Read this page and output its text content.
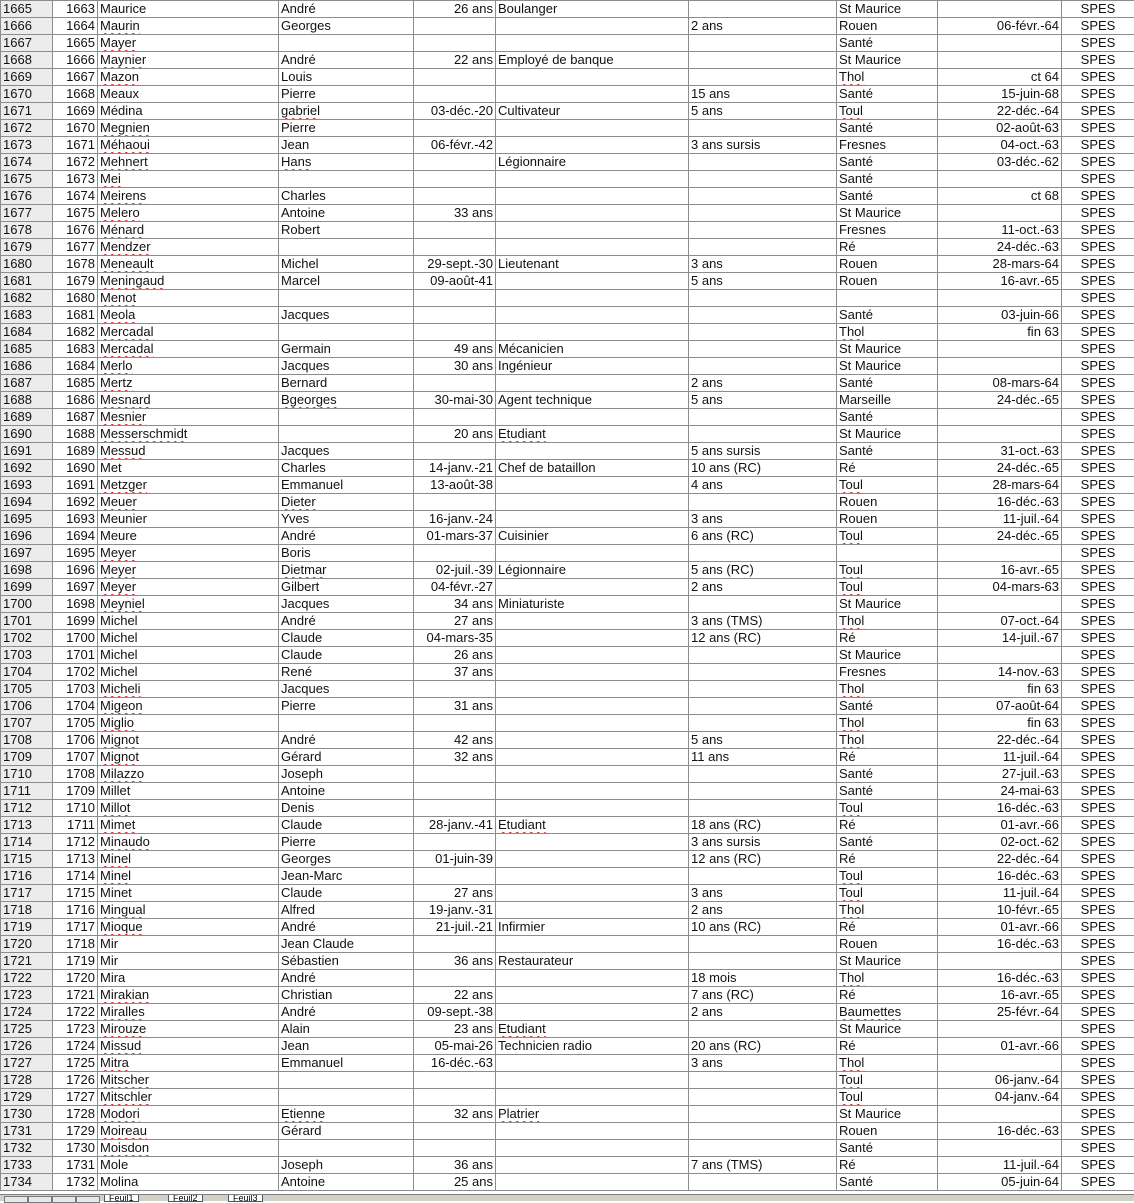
1665	1663	Maurice	André	26 ans	Boulanger		St Maurice		SPES
1666	1664	Maurin	Georges			2 ans	Rouen	06-févr.-64	SPES
1667	1665	Mayer					Santé		SPES
1668	1666	Maynier	André	22 ans	Employé de banque		St Maurice		SPES
1669	1667	Mazon	Louis				Thol	ct 64	SPES
1670	1668	Meaux	Pierre			15 ans	Santé	15-juin-68	SPES
1671	1669	Médina	gabriel	03-déc.-20	Cultivateur	5 ans	Toul	22-déc.-64	SPES
1672	1670	Megnien	Pierre				Santé	02-août-63	SPES
1673	1671	Méhaoui	Jean	06-févr.-42		3 ans sursis	Fresnes	04-oct.-63	SPES
1674	1672	Mehnert	Hans		Légionnaire		Santé	03-déc.-62	SPES
1675	1673	Mei					Santé		SPES
1676	1674	Meirens	Charles				Santé	ct 68	SPES
1677	1675	Melero	Antoine	33 ans			St Maurice		SPES
1678	1676	Ménard	Robert				Fresnes	11-oct.-63	SPES
1679	1677	Mendzer					Ré	24-déc.-63	SPES
1680	1678	Meneault	Michel	29-sept.-30	Lieutenant	3 ans	Rouen	28-mars-64	SPES
1681	1679	Meningaud	Marcel	09-août-41		5 ans	Rouen	16-avr.-65	SPES
1682	1680	Menot							SPES
1683	1681	Meola	Jacques				Santé	03-juin-66	SPES
1684	1682	Mercadal					Thol	fin 63	SPES
1685	1683	Mercadal	Germain	49 ans	Mécanicien		St Maurice		SPES
1686	1684	Merlo	Jacques	30 ans	Ingénieur		St Maurice		SPES
1687	1685	Mertz	Bernard			2 ans	Santé	08-mars-64	SPES
1688	1686	Mesnard	Bgeorges	30-mai-30	Agent technique	5 ans	Marseille	24-déc.-65	SPES
1689	1687	Mesnier					Santé		SPES
1690	1688	Messerschmidt		20 ans	Etudiant		St Maurice		SPES
1691	1689	Messud	Jacques			5 ans sursis	Santé	31-oct.-63	SPES
1692	1690	Met	Charles	14-janv.-21	Chef de bataillon	10 ans (RC)	Ré	24-déc.-65	SPES
1693	1691	Metzger	Emmanuel	13-août-38		4 ans	Toul	28-mars-64	SPES
1694	1692	Meuer	Dieter				Rouen	16-déc.-63	SPES
1695	1693	Meunier	Yves	16-janv.-24		3 ans	Rouen	11-juil.-64	SPES
1696	1694	Meure	André	01-mars-37	Cuisinier	6 ans (RC)	Toul	24-déc.-65	SPES
1697	1695	Meyer	Boris						SPES
1698	1696	Meyer	Dietmar	02-juil.-39	Légionnaire	5 ans (RC)	Toul	16-avr.-65	SPES
1699	1697	Meyer	Gilbert	04-févr.-27		2 ans	Toul	04-mars-63	SPES
1700	1698	Meyniel	Jacques	34 ans	Miniaturiste		St Maurice		SPES
1701	1699	Michel	André	27 ans		3 ans (TMS)	Thol	07-oct.-64	SPES
1702	1700	Michel	Claude	04-mars-35		12 ans (RC)	Ré	14-juil.-67	SPES
1703	1701	Michel	Claude	26 ans			St Maurice		SPES
1704	1702	Michel	René	37 ans			Fresnes	14-nov.-63	SPES
1705	1703	Micheli	Jacques				Thol	fin 63	SPES
1706	1704	Migeon	Pierre	31 ans			Santé	07-août-64	SPES
1707	1705	Miglio					Thol	fin 63	SPES
1708	1706	Mignot	André	42 ans		5 ans	Thol	22-déc.-64	SPES
1709	1707	Mignot	Gérard	32 ans		11 ans	Ré	11-juil.-64	SPES
1710	1708	Milazzo	Joseph				Santé	27-juil.-63	SPES
1711	1709	Millet	Antoine				Santé	24-mai-63	SPES
1712	1710	Millot	Denis				Toul	16-déc.-63	SPES
1713	1711	Mimet	Claude	28-janv.-41	Etudiant	18 ans (RC)	Ré	01-avr.-66	SPES
1714	1712	Minaudo	Pierre			3 ans sursis	Santé	02-oct.-62	SPES
1715	1713	Minel	Georges	01-juin-39		12 ans (RC)	Ré	22-déc.-64	SPES
1716	1714	Minel	Jean-Marc				Toul	16-déc.-63	SPES
1717	1715	Minet	Claude	27 ans		3 ans	Toul	11-juil.-64	SPES
1718	1716	Mingual	Alfred	19-janv.-31		2 ans	Thol	10-févr.-65	SPES
1719	1717	Mioque	André	21-juil.-21	Infirmier	10 ans (RC)	Ré	01-avr.-66	SPES
1720	1718	Mir	Jean Claude				Rouen	16-déc.-63	SPES
1721	1719	Mir	Sébastien	36 ans	Restaurateur		St Maurice		SPES
1722	1720	Mira	André			18 mois	Thol	16-déc.-63	SPES
1723	1721	Mirakian	Christian	22 ans		7 ans (RC)	Ré	16-avr.-65	SPES
1724	1722	Miralles	André	09-sept.-38		2 ans	Baumettes	25-févr.-64	SPES
1725	1723	Mirouze	Alain	23 ans	Etudiant		St Maurice		SPES
1726	1724	Missud	Jean	05-mai-26	Technicien radio	20 ans (RC)	Ré	01-avr.-66	SPES
1727	1725	Mitra	Emmanuel	16-déc.-63		3 ans	Thol		SPES
1728	1726	Mitscher					Toul	06-janv.-64	SPES
1729	1727	Mitschler					Toul	04-janv.-64	SPES
1730	1728	Modori	Etienne	32 ans	Platrier		St Maurice		SPES
1731	1729	Moireau	Gérard				Rouen	16-déc.-63	SPES
1732	1730	Moisdon					Santé		SPES
1733	1731	Mole	Joseph	36 ans		7 ans (TMS)	Ré	11-juil.-64	SPES
1734	1732	Molina	Antoine	25 ans			Santé	05-juin-64	SPES
Feuil1	Feuil2	Feuil3
